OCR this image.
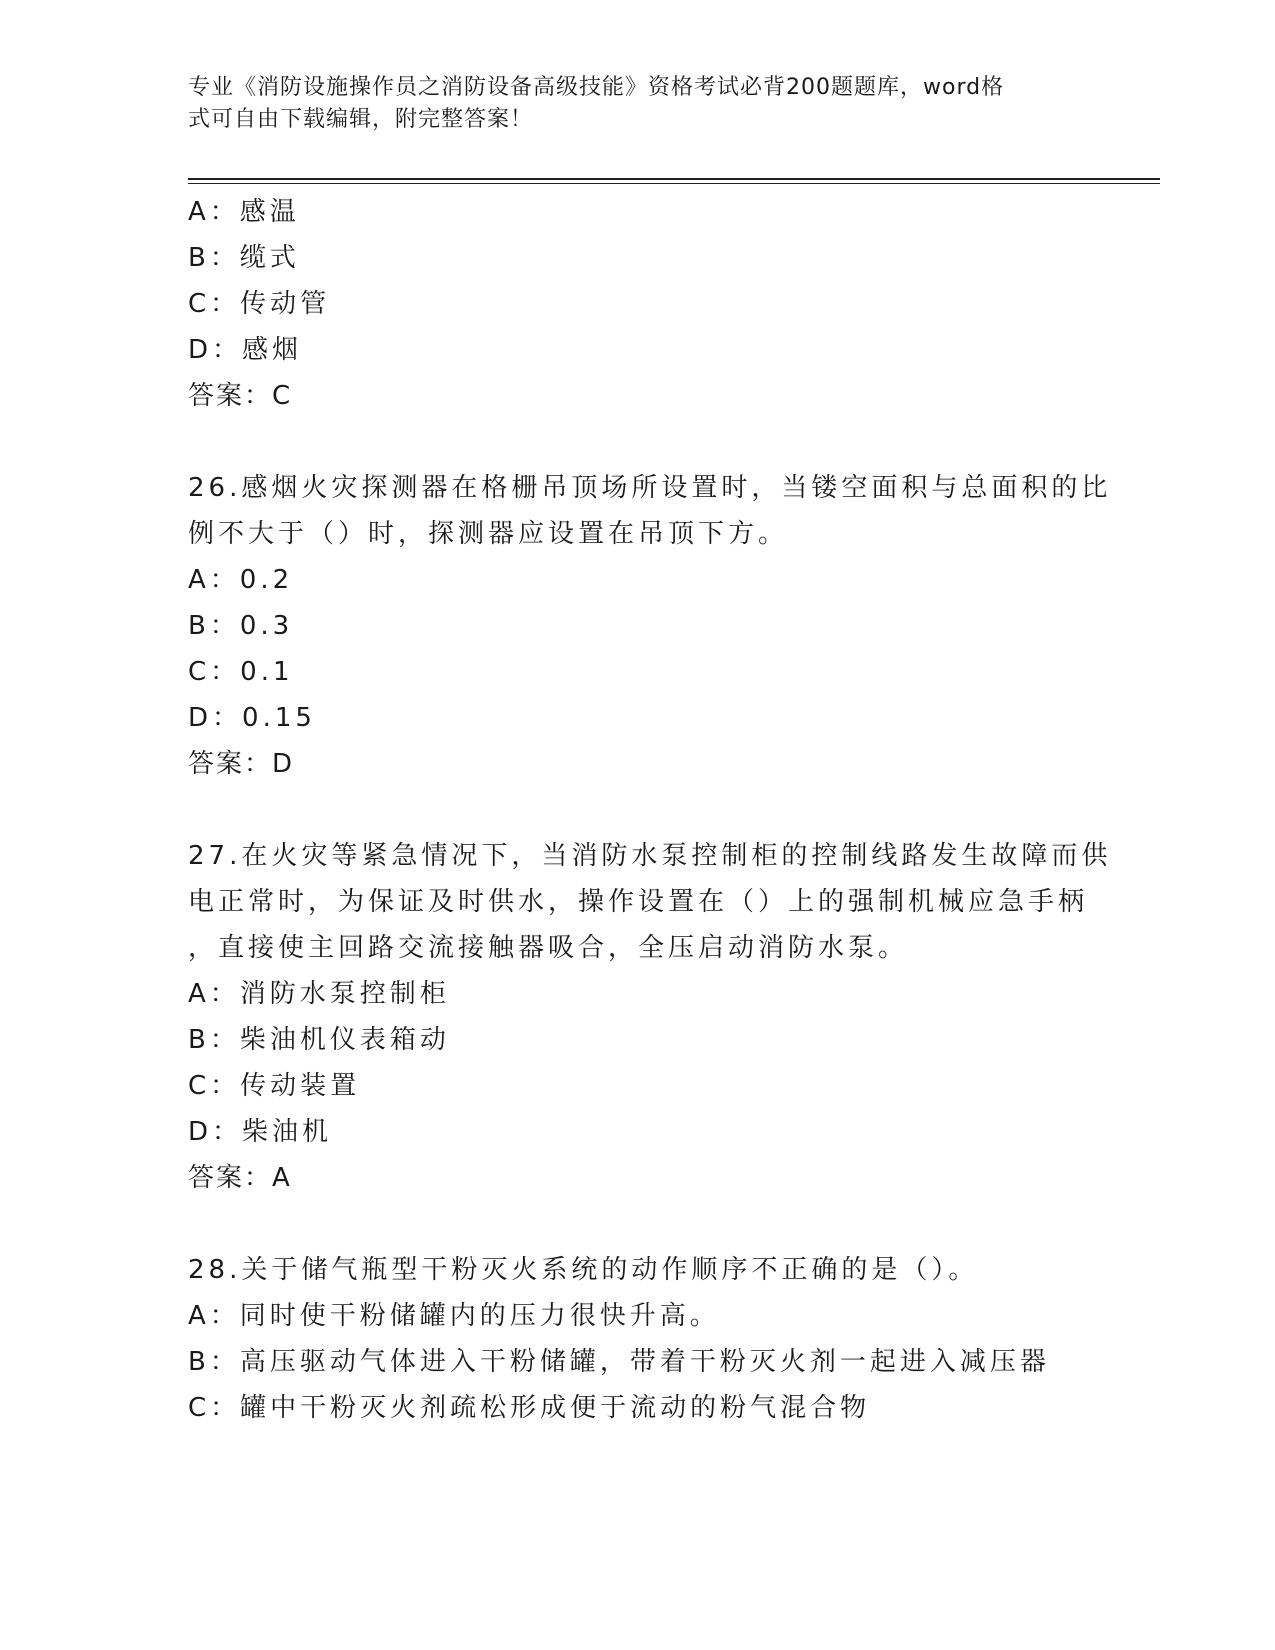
专业《消防设施操作员之消防设备高级技能》资格考试必背200题题库，word格
式可自由下载编辑，附完整答案！
A：感温
B：缆式
C：传动管
D：感烟
答案：C
26.感烟火灾探测器在格栅吊顶场所设置时，当镂空面积与总面积的比
例不大于（）时，探测器应设置在吊顶下方。
A：0.2
B：0.3
C：0.1
D：0.15
答案：D
27.在火灾等紧急情况下，当消防水泵控制柜的控制线路发生故障而供
电正常时，为保证及时供水，操作设置在（）上的强制机械应急手柄
，直接使主回路交流接触器吸合，全压启动消防水泵。
A：消防水泵控制柜
B：柴油机仪表箱动
C：传动装置
D：柴油机
答案：A
28.关于储气瓶型干粉灭火系统的动作顺序不正确的是（）。
A：同时使干粉储罐内的压力很快升高。
B：高压驱动气体进入干粉储罐，带着干粉灭火剂一起进入减压器
C：罐中干粉灭火剂疏松形成便于流动的粉气混合物
